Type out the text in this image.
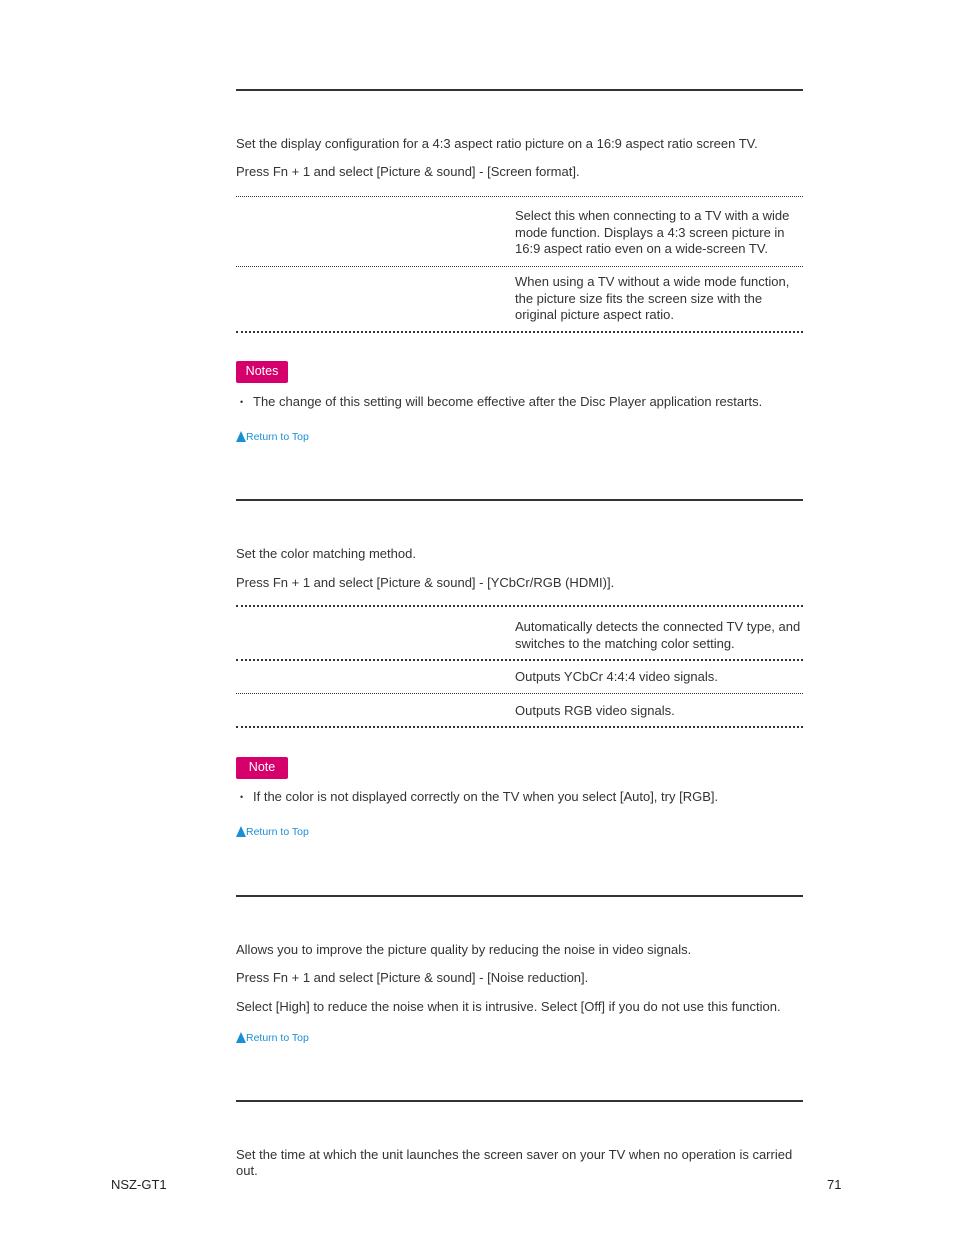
Set the display configuration for a 4:3 aspect ratio picture on a 16:9 aspect ratio screen TV.

Press Fn + 1 and select [Picture & sound] - [Screen format].

Select this when connecting to a TV with a wide mode function. Displays a 4:3 screen picture in 16:9 aspect ratio even on a wide-screen TV.

When using a TV without a wide mode function, the picture size fits the screen size with the original picture aspect ratio.

Notes
• The change of this setting will become effective after the Disc Player application restarts.
Return to Top

Set the color matching method.

Press Fn + 1 and select [Picture & sound] - [YCbCr/RGB (HDMI)].

Automatically detects the connected TV type, and switches to the matching color setting.

Outputs YCbCr 4:4:4 video signals.

Outputs RGB video signals.

Note
• If the color is not displayed correctly on the TV when you select [Auto], try [RGB].
Return to Top

Allows you to improve the picture quality by reducing the noise in video signals.

Press Fn + 1 and select [Picture & sound] - [Noise reduction].

Select [High] to reduce the noise when it is intrusive. Select [Off] if you do not use this function.

Return to Top

Set the time at which the unit launches the screen saver on your TV when no operation is carried out.

NSZ-GT1	71
